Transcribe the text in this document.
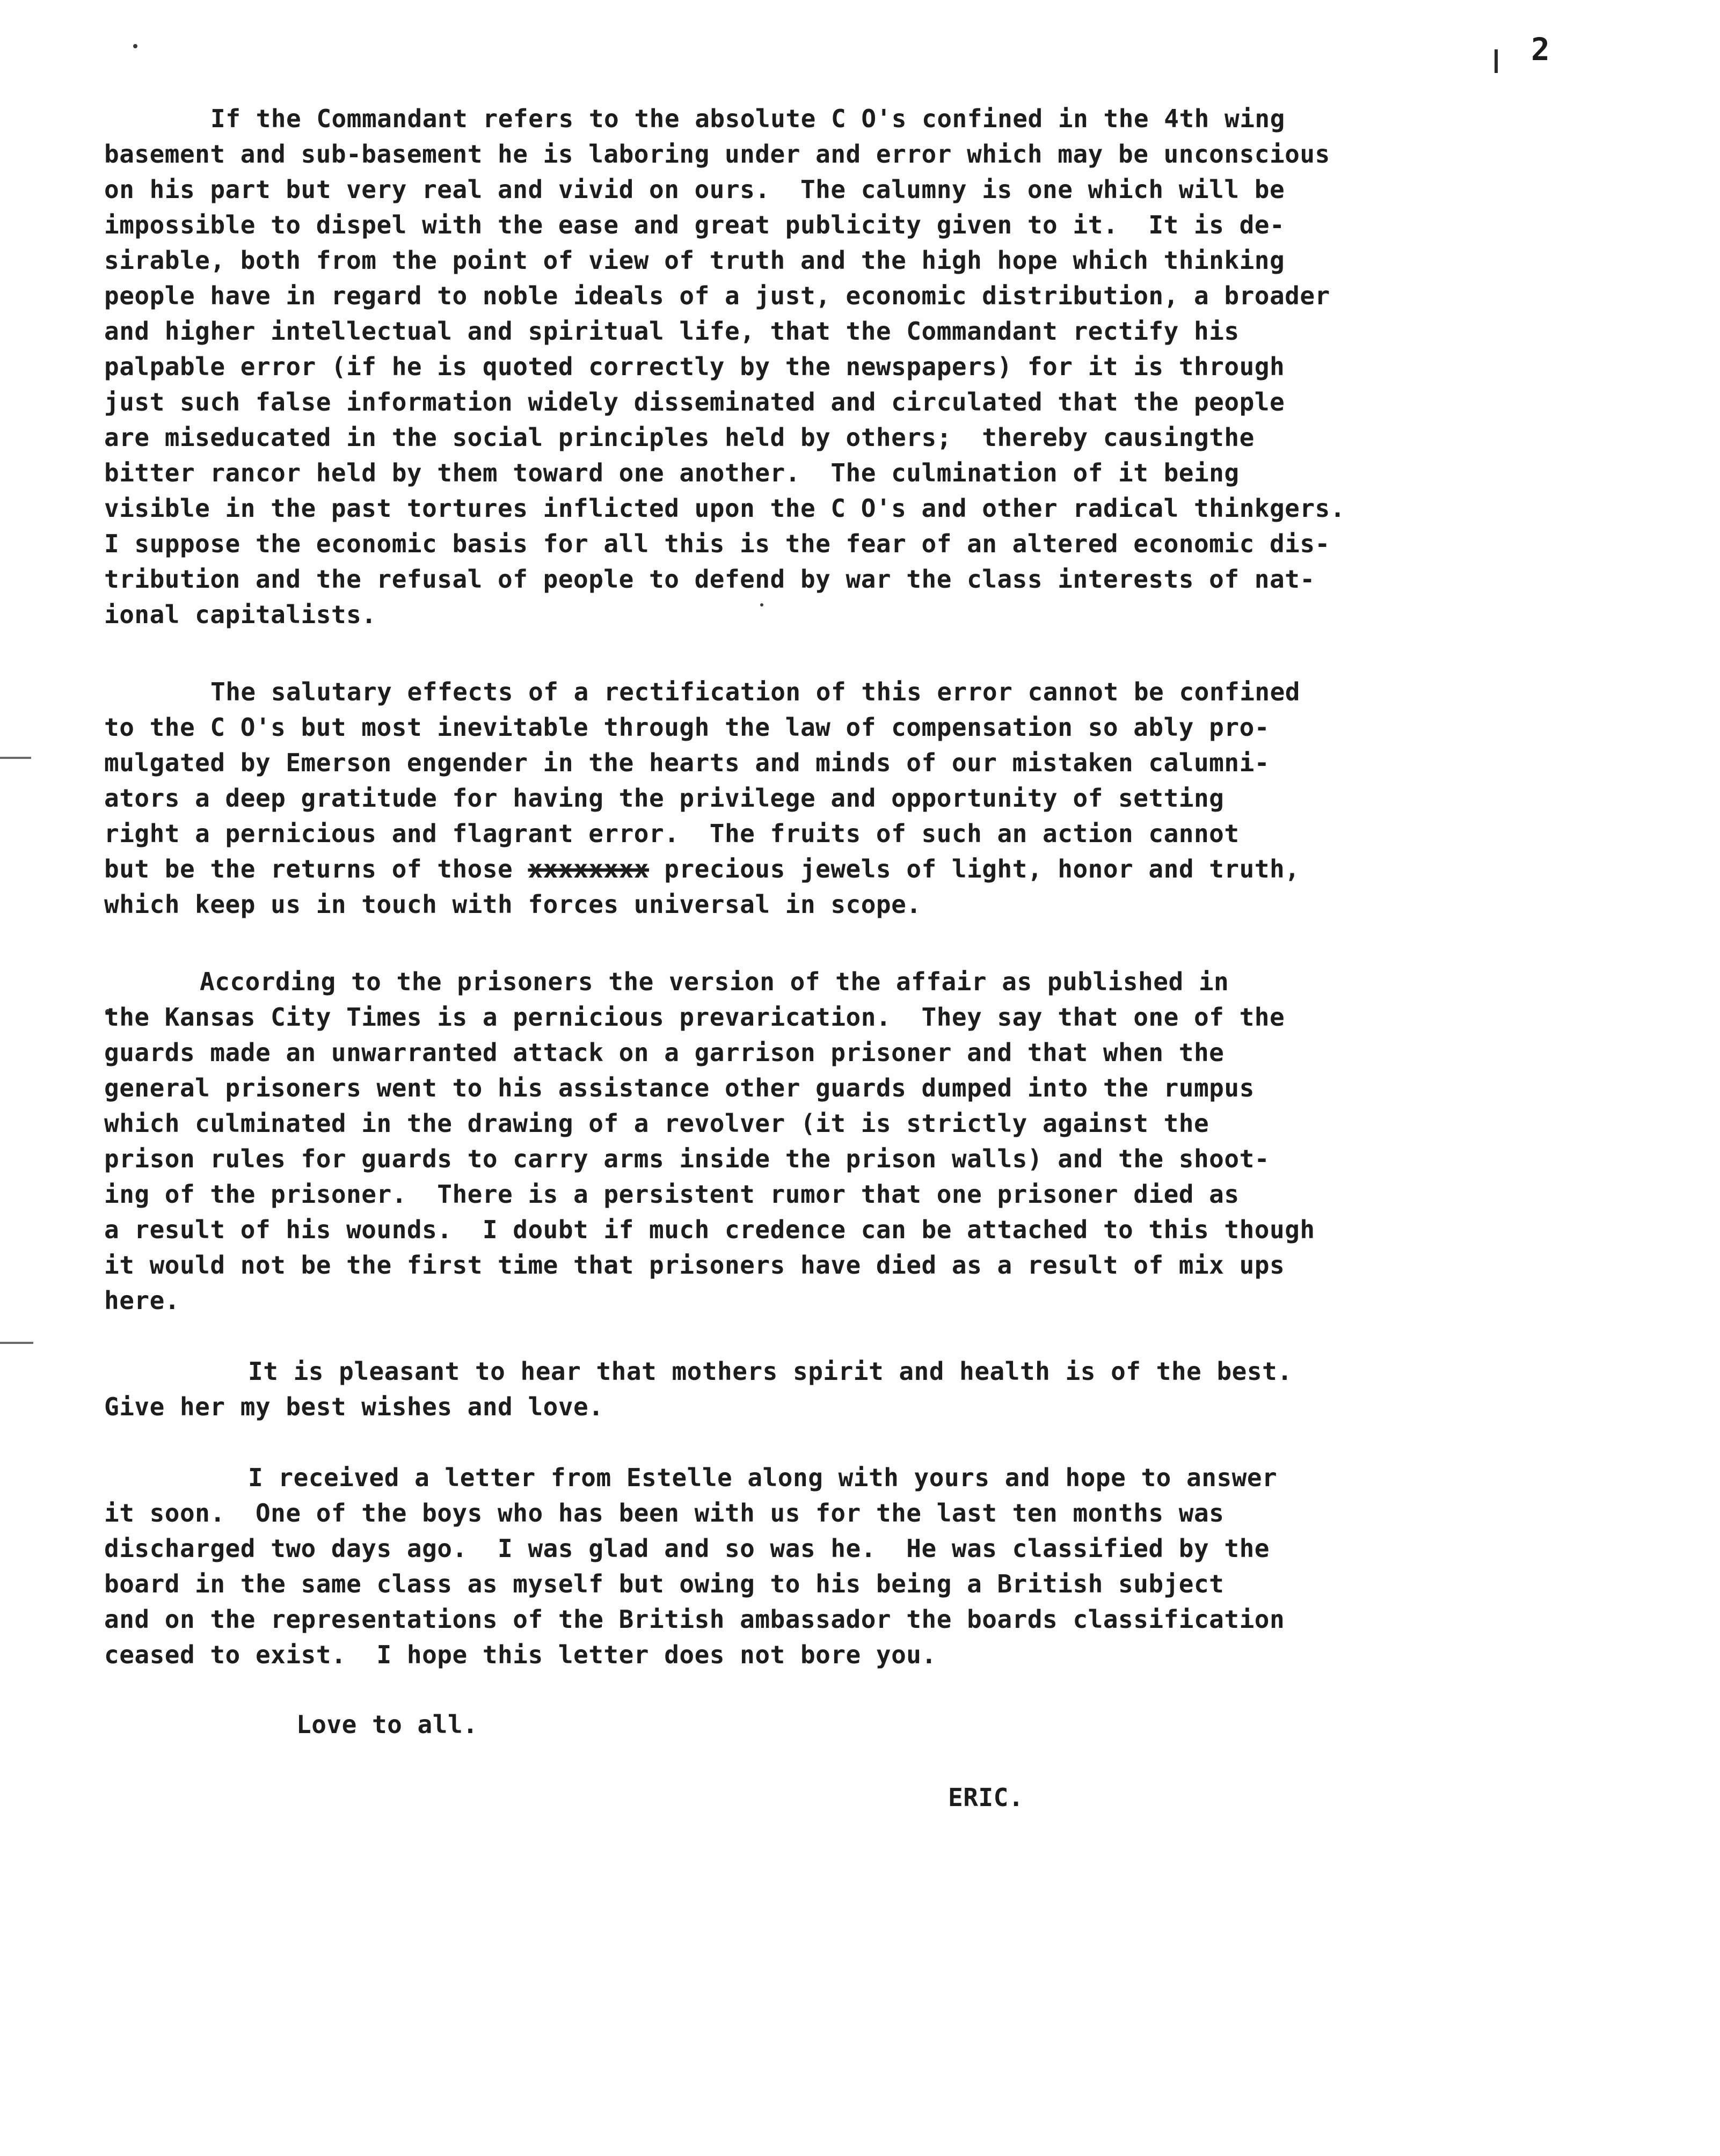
2
If the Commandant refers to the absolute C O's confined in the 4th wing
basement and sub-basement he is laboring under and error which may be unconscious
on his part but very real and vivid on ours.  The calumny is one which will be
impossible to dispel with the ease and great publicity given to it.  It is de-
sirable, both from the point of view of truth and the high hope which thinking
people have in regard to noble ideals of a just, economic distribution, a broader
and higher intellectual and spiritual life, that the Commandant rectify his
palpable error (if he is quoted correctly by the newspapers) for it is through
just such false information widely disseminated and circulated that the people
are miseducated in the social principles held by others;  thereby causingthe
bitter rancor held by them toward one another.  The culmination of it being
visible in the past tortures inflicted upon the C O's and other radical thinkgers.
I suppose the economic basis for all this is the fear of an altered economic dis-
tribution and the refusal of people to defend by war the class interests of nat-
ional capitalists.
The salutary effects of a rectification of this error cannot be confined
to the C O's but most inevitable through the law of compensation so ably pro-
mulgated by Emerson engender in the hearts and minds of our mistaken calumni-
ators a deep gratitude for having the privilege and opportunity of setting
right a pernicious and flagrant error.  The fruits of such an action cannot
but be the returns of those xxxxxxxx precious jewels of light, honor and truth,
which keep us in touch with forces universal in scope.
According to the prisoners the version of the affair as published in
the Kansas City Times is a pernicious prevarication.  They say that one of the
guards made an unwarranted attack on a garrison prisoner and that when the
general prisoners went to his assistance other guards dumped into the rumpus
which culminated in the drawing of a revolver (it is strictly against the
prison rules for guards to carry arms inside the prison walls) and the shoot-
ing of the prisoner.  There is a persistent rumor that one prisoner died as
a result of his wounds.  I doubt if much credence can be attached to this though
it would not be the first time that prisoners have died as a result of mix ups
here.
It is pleasant to hear that mothers spirit and health is of the best.
Give her my best wishes and love.
I received a letter from Estelle along with yours and hope to answer
it soon.  One of the boys who has been with us for the last ten months was
discharged two days ago.  I was glad and so was he.  He was classified by the
board in the same class as myself but owing to his being a British subject
and on the representations of the British ambassador the boards classification
ceased to exist.  I hope this letter does not bore you.
Love to all.
ERIC.
